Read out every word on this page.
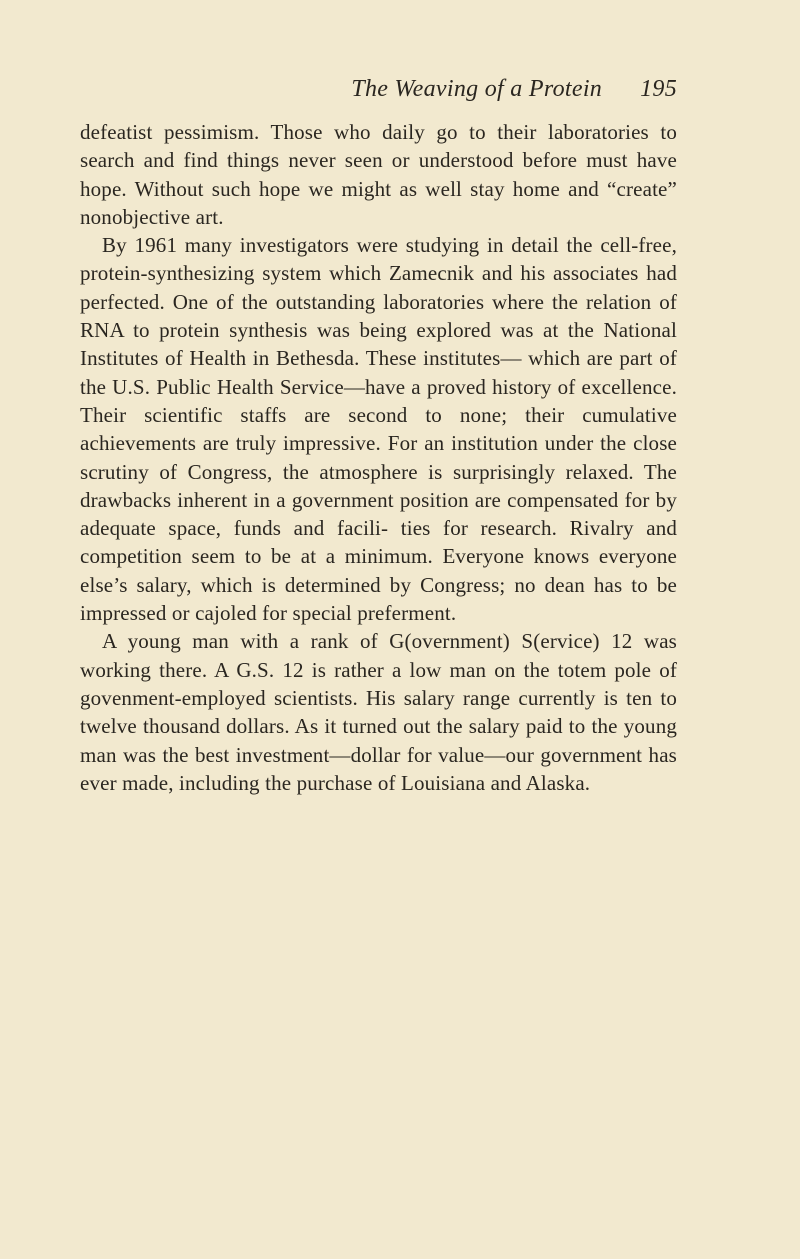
The Weaving of a Protein 195

defeatist pessimism. Those who daily go to their laboratories to search and find things never seen or understood before must have hope. Without such hope we might as well stay home and “create” nonobjective art.

By 1961 many investigators were studying in detail the cell-free, protein-synthesizing system which Zamecnik and his associates had perfected. One of the outstanding laboratories where the relation of RNA to protein synthesis was being explored was at the National Institutes of Health in Bethesda. These institutes— which are part of the U.S. Public Health Service—have a proved history of excellence. Their scientific staffs are second to none; their cumulative achievements are truly impressive. For an institution under the close scrutiny of Congress, the atmosphere is surprisingly relaxed. The drawbacks inherent in a government position are compensated for by adequate space, funds and facili- ties for research. Rivalry and competition seem to be at a minimum. Everyone knows everyone else’s salary, which is determined by Congress; no dean has to be impressed or cajoled for special preferment.

A young man with a rank of G(overnment) S(ervice) 12 was working there. A G.S. 12 is rather a low man on the totem pole of govenment-employed scientists. His salary range currently is ten to twelve thousand dollars. As it turned out the salary paid to the young man was the best investment—dollar for value—our government has ever made, including the purchase of Louisiana and Alaska.
